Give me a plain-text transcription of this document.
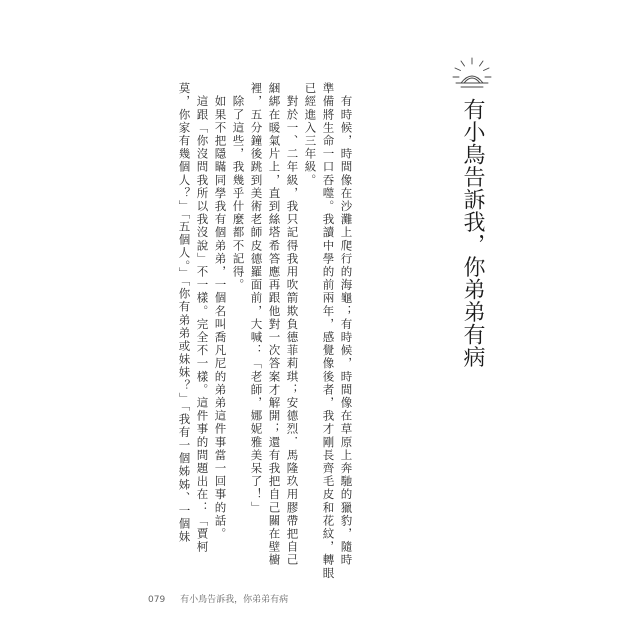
有小鳥告訴我，你弟弟有病
　有時候，時間像在沙灘上爬行的海龜；有時候，時間像在草原上奔馳的獵豹，隨時
準備將生命一口吞噬。我讀中學的前兩年，感覺像後者，我才剛長齊毛皮和花紋，轉眼
已經進入三年級。
　對於一、二年級，我只記得我用吹箭欺負德菲莉琪；安德烈．馬隆玖用膠帶把自己
綑綁在暖氣片上，直到絲塔希答應再跟他對一次答案才解開；還有我把自己關在壁櫥
裡，五分鐘後跳到美術老師皮德羅面前，大喊：「老師，娜妮雅美呆了！」
　除了這些，我幾乎什麼都不記得。
　如果不把隱瞞同學我有個弟弟，一個名叫喬凡尼的弟弟這件事當一回事的話。
　這跟「你沒問我所以我沒說」不一樣。完全不一樣。這件事的問題出在：「賈柯
莫，你家有幾個人？」「五個人。」「你有弟弟或妹妹？」「我有一個姊姊、一個妹
079 有小鳥告訴我，你弟弟有病
